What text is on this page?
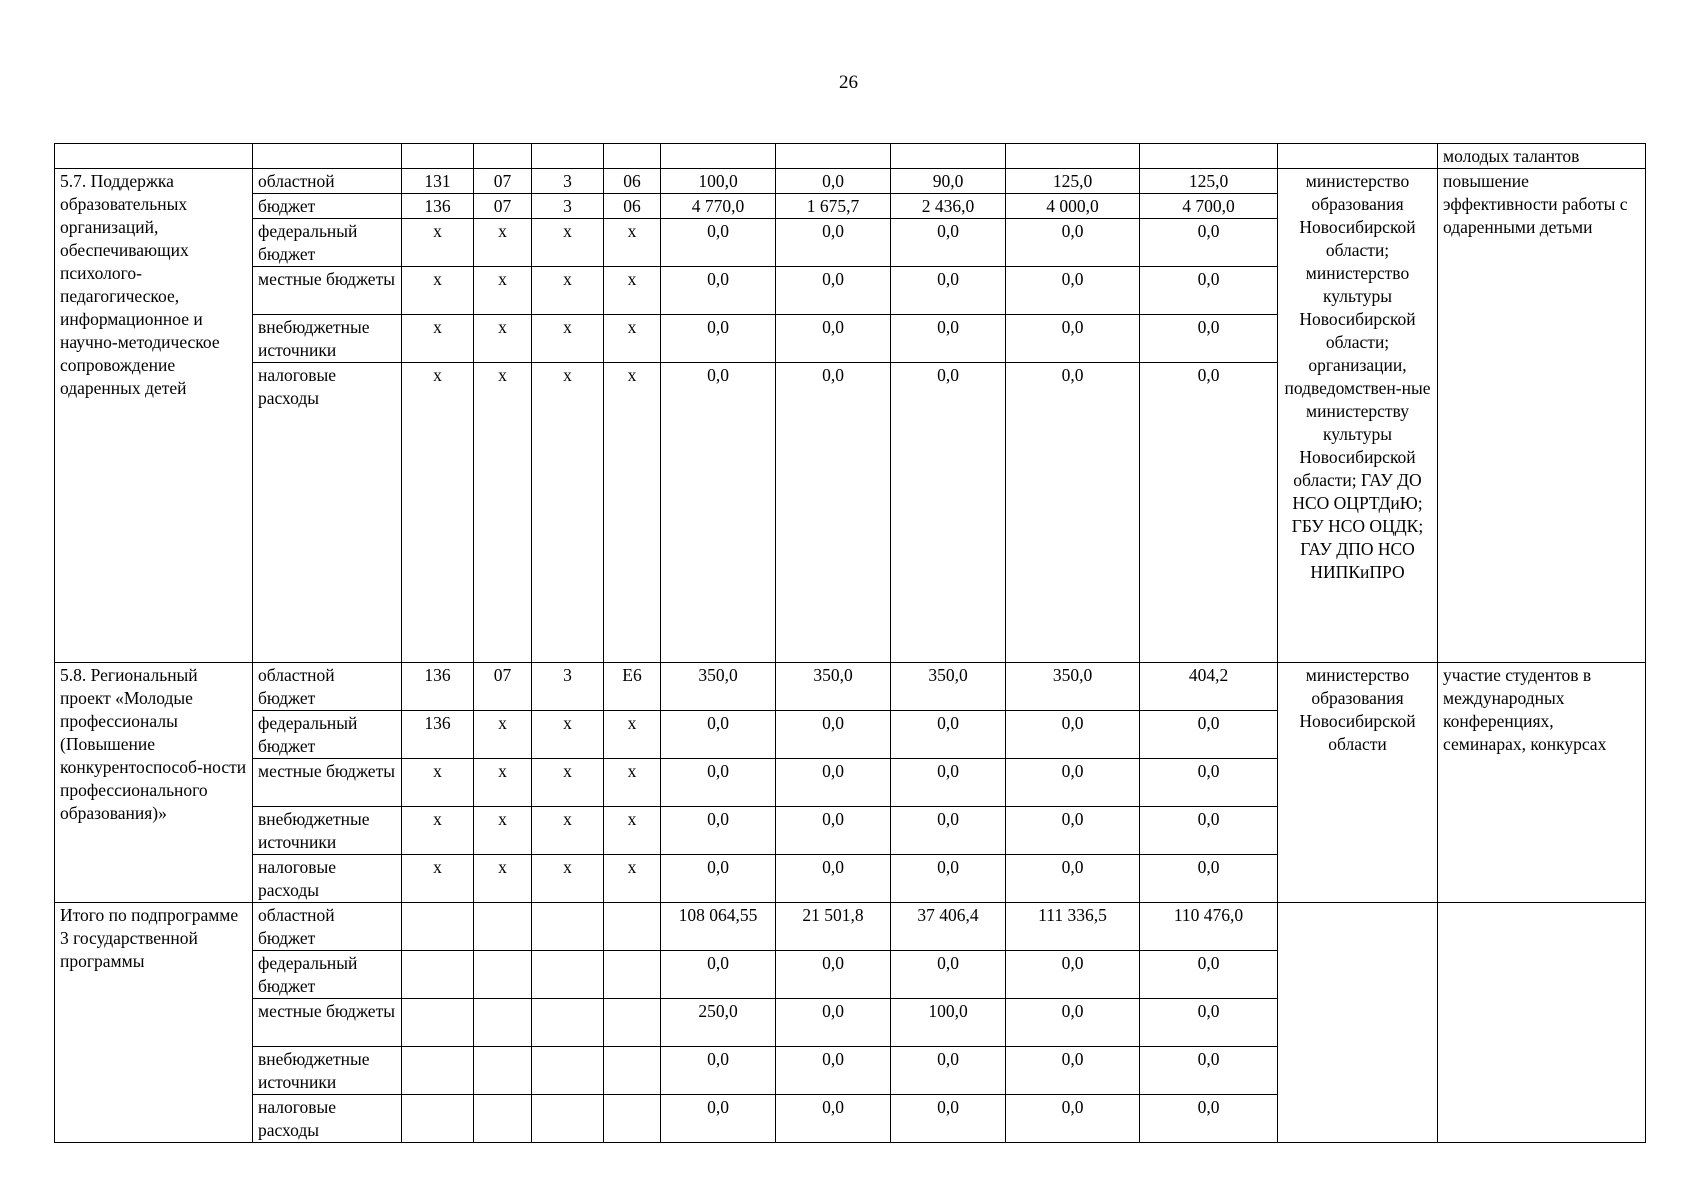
26
												молодых талантов
5.7. Поддержка образовательных организаций, обеспечивающих психолого-педагогическое, информационное и научно-методическое сопровождение одаренных детей	областной	131	07	3	06	100,0	0,0	90,0	125,0	125,0	министерство образования Новосибирской области; министерство культуры Новосибирской области; организации, подведомствен-ные министерству культуры Новосибирской области; ГАУ ДО НСО ОЦРТДиЮ; ГБУ НСО ОЦДК; ГАУ ДПО НСО НИПКиПРО	повышение эффективности работы с одаренными детьми
	бюджет	136	07	3	06	4 770,0	1 675,7	2 436,0	4 000,0	4 700,0		
	федеральный бюджет	x	x	x	x	0,0	0,0	0,0	0,0	0,0		
	местные бюджеты	x	x	x	x	0,0	0,0	0,0	0,0	0,0		
	внебюджетные источники	x	x	x	x	0,0	0,0	0,0	0,0	0,0		
	налоговые расходы	x	x	x	x	0,0	0,0	0,0	0,0	0,0		
5.8. Региональный проект «Молодые профессионалы (Повышение конкурентоспособ-ности профессионального образования)»	областной бюджет	136	07	3	Е6	350,0	350,0	350,0	350,0	404,2	министерство образования Новосибирской области	участие студентов в международных конференциях, семинарах, конкурсах
	федеральный бюджет	136	x	x	x	0,0	0,0	0,0	0,0	0,0		
	местные бюджеты	x	x	x	x	0,0	0,0	0,0	0,0	0,0		
	внебюджетные источники	x	x	x	x	0,0	0,0	0,0	0,0	0,0		
	налоговые расходы	x	x	x	x	0,0	0,0	0,0	0,0	0,0		
Итого по подпрограмме 3 государственной программы	областной бюджет					108 064,55	21 501,8	37 406,4	111 336,5	110 476,0		
	федеральный бюджет					0,0	0,0	0,0	0,0	0,0		
	местные бюджеты					250,0	0,0	100,0	0,0	0,0		
	внебюджетные источники					0,0	0,0	0,0	0,0	0,0		
	налоговые расходы					0,0	0,0	0,0	0,0	0,0		
